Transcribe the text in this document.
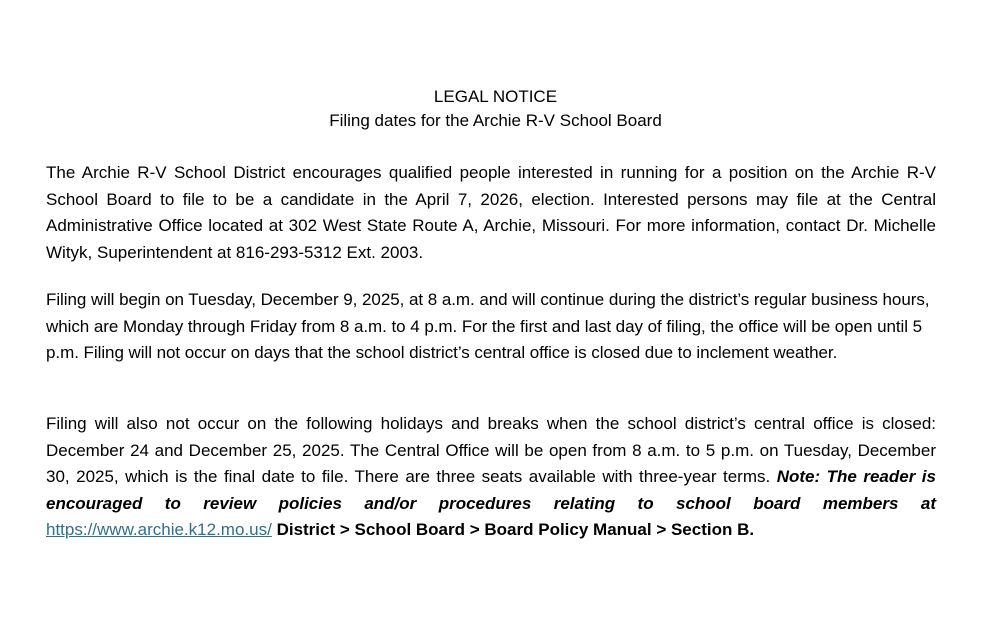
LEGAL NOTICE
Filing dates for the Archie R-V School Board
The Archie R-V School District encourages qualified people interested in running for a position on the Archie R-V School Board to file to be a candidate in the April 7, 2026, election. Interested persons may file at the Central Administrative Office located at 302 West State Route A, Archie, Missouri. For more information, contact Dr. Michelle Wityk, Superintendent at 816-293-5312 Ext. 2003.
Filing will begin on Tuesday, December 9, 2025, at 8 a.m. and will continue during the district’s regular business hours, which are Monday through Friday from 8 a.m. to 4 p.m. For the first and last day of filing, the office will be open until 5 p.m. Filing will not occur on days that the school district’s central office is closed due to inclement weather.
Filing will also not occur on the following holidays and breaks when the school district’s central office is closed: December 24 and December 25, 2025. The Central Office will be open from 8 a.m. to 5 p.m. on Tuesday, December 30, 2025, which is the final date to file. There are three seats available with three-year terms. Note: The reader is encouraged to review policies and/or procedures relating to school board members at https://www.archie.k12.mo.us/ District > School Board > Board Policy Manual > Section B.
